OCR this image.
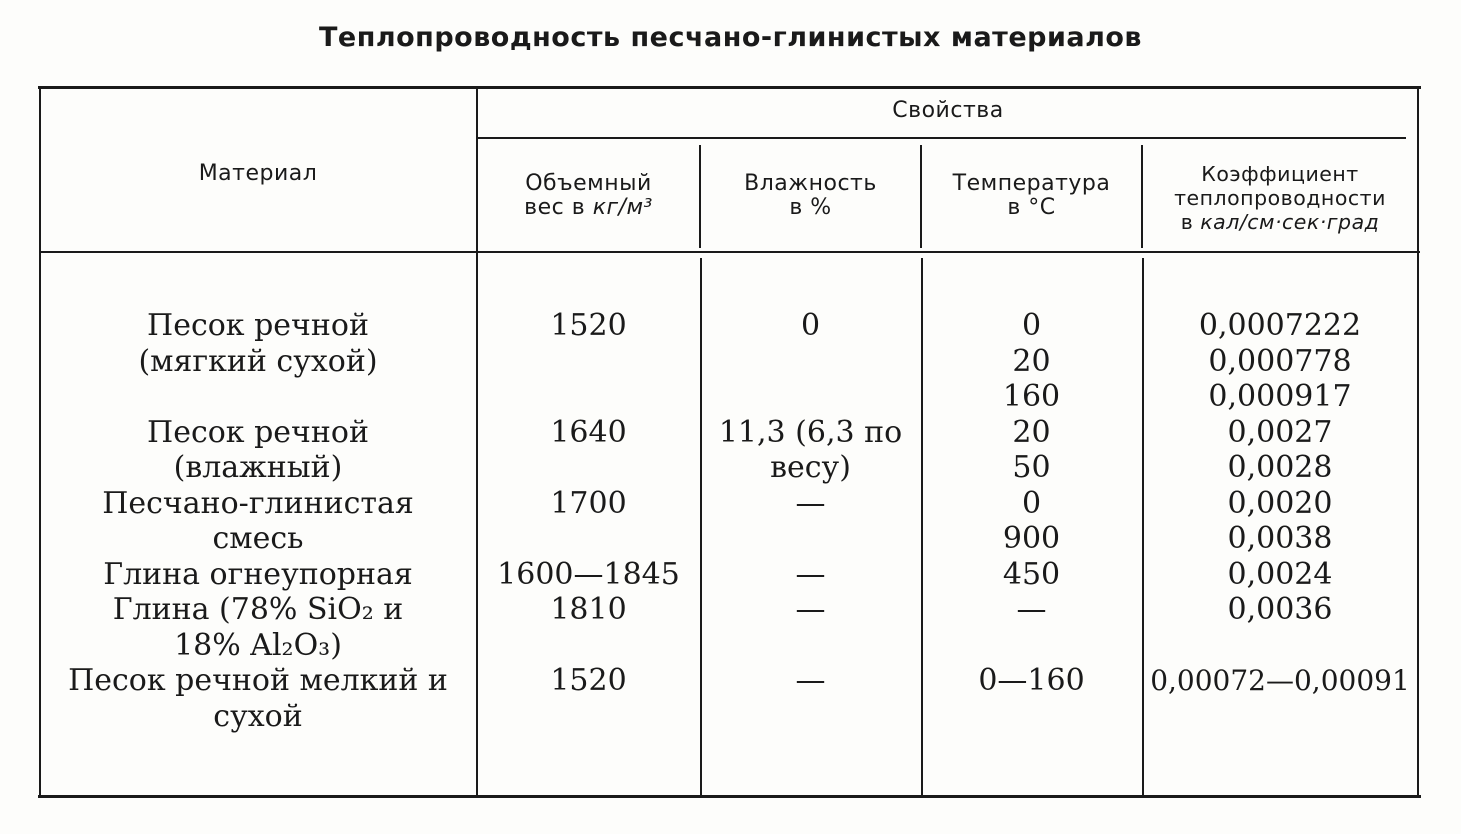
Теплопроводность песчано-глинистых материалов
Материал
Свойства
Объемный
вес в кг/м³
Влажность
в %
Температура
в °С
Коэффициент
теплопроводности
в кал/см·сек·град
Песок речной
(мягкий сухой)
Песок речной
(влажный)
Песчано-глинистая
смесь
Глина огнеупорная
Глина (78% SiO₂ и
18% Al₂O₃)
Песок речной мелкий и
сухой
1520
1640
1700
1600—1845
1810
1520
0
11,3 (6,3 по
весу)
—
—
—
—
0
20
160
20
50
0
900
450
—
0—160
0,0007222
0,000778
0,000917
0,0027
0,0028
0,0020
0,0038
0,0024
0,0036
0,00072—0,00091
